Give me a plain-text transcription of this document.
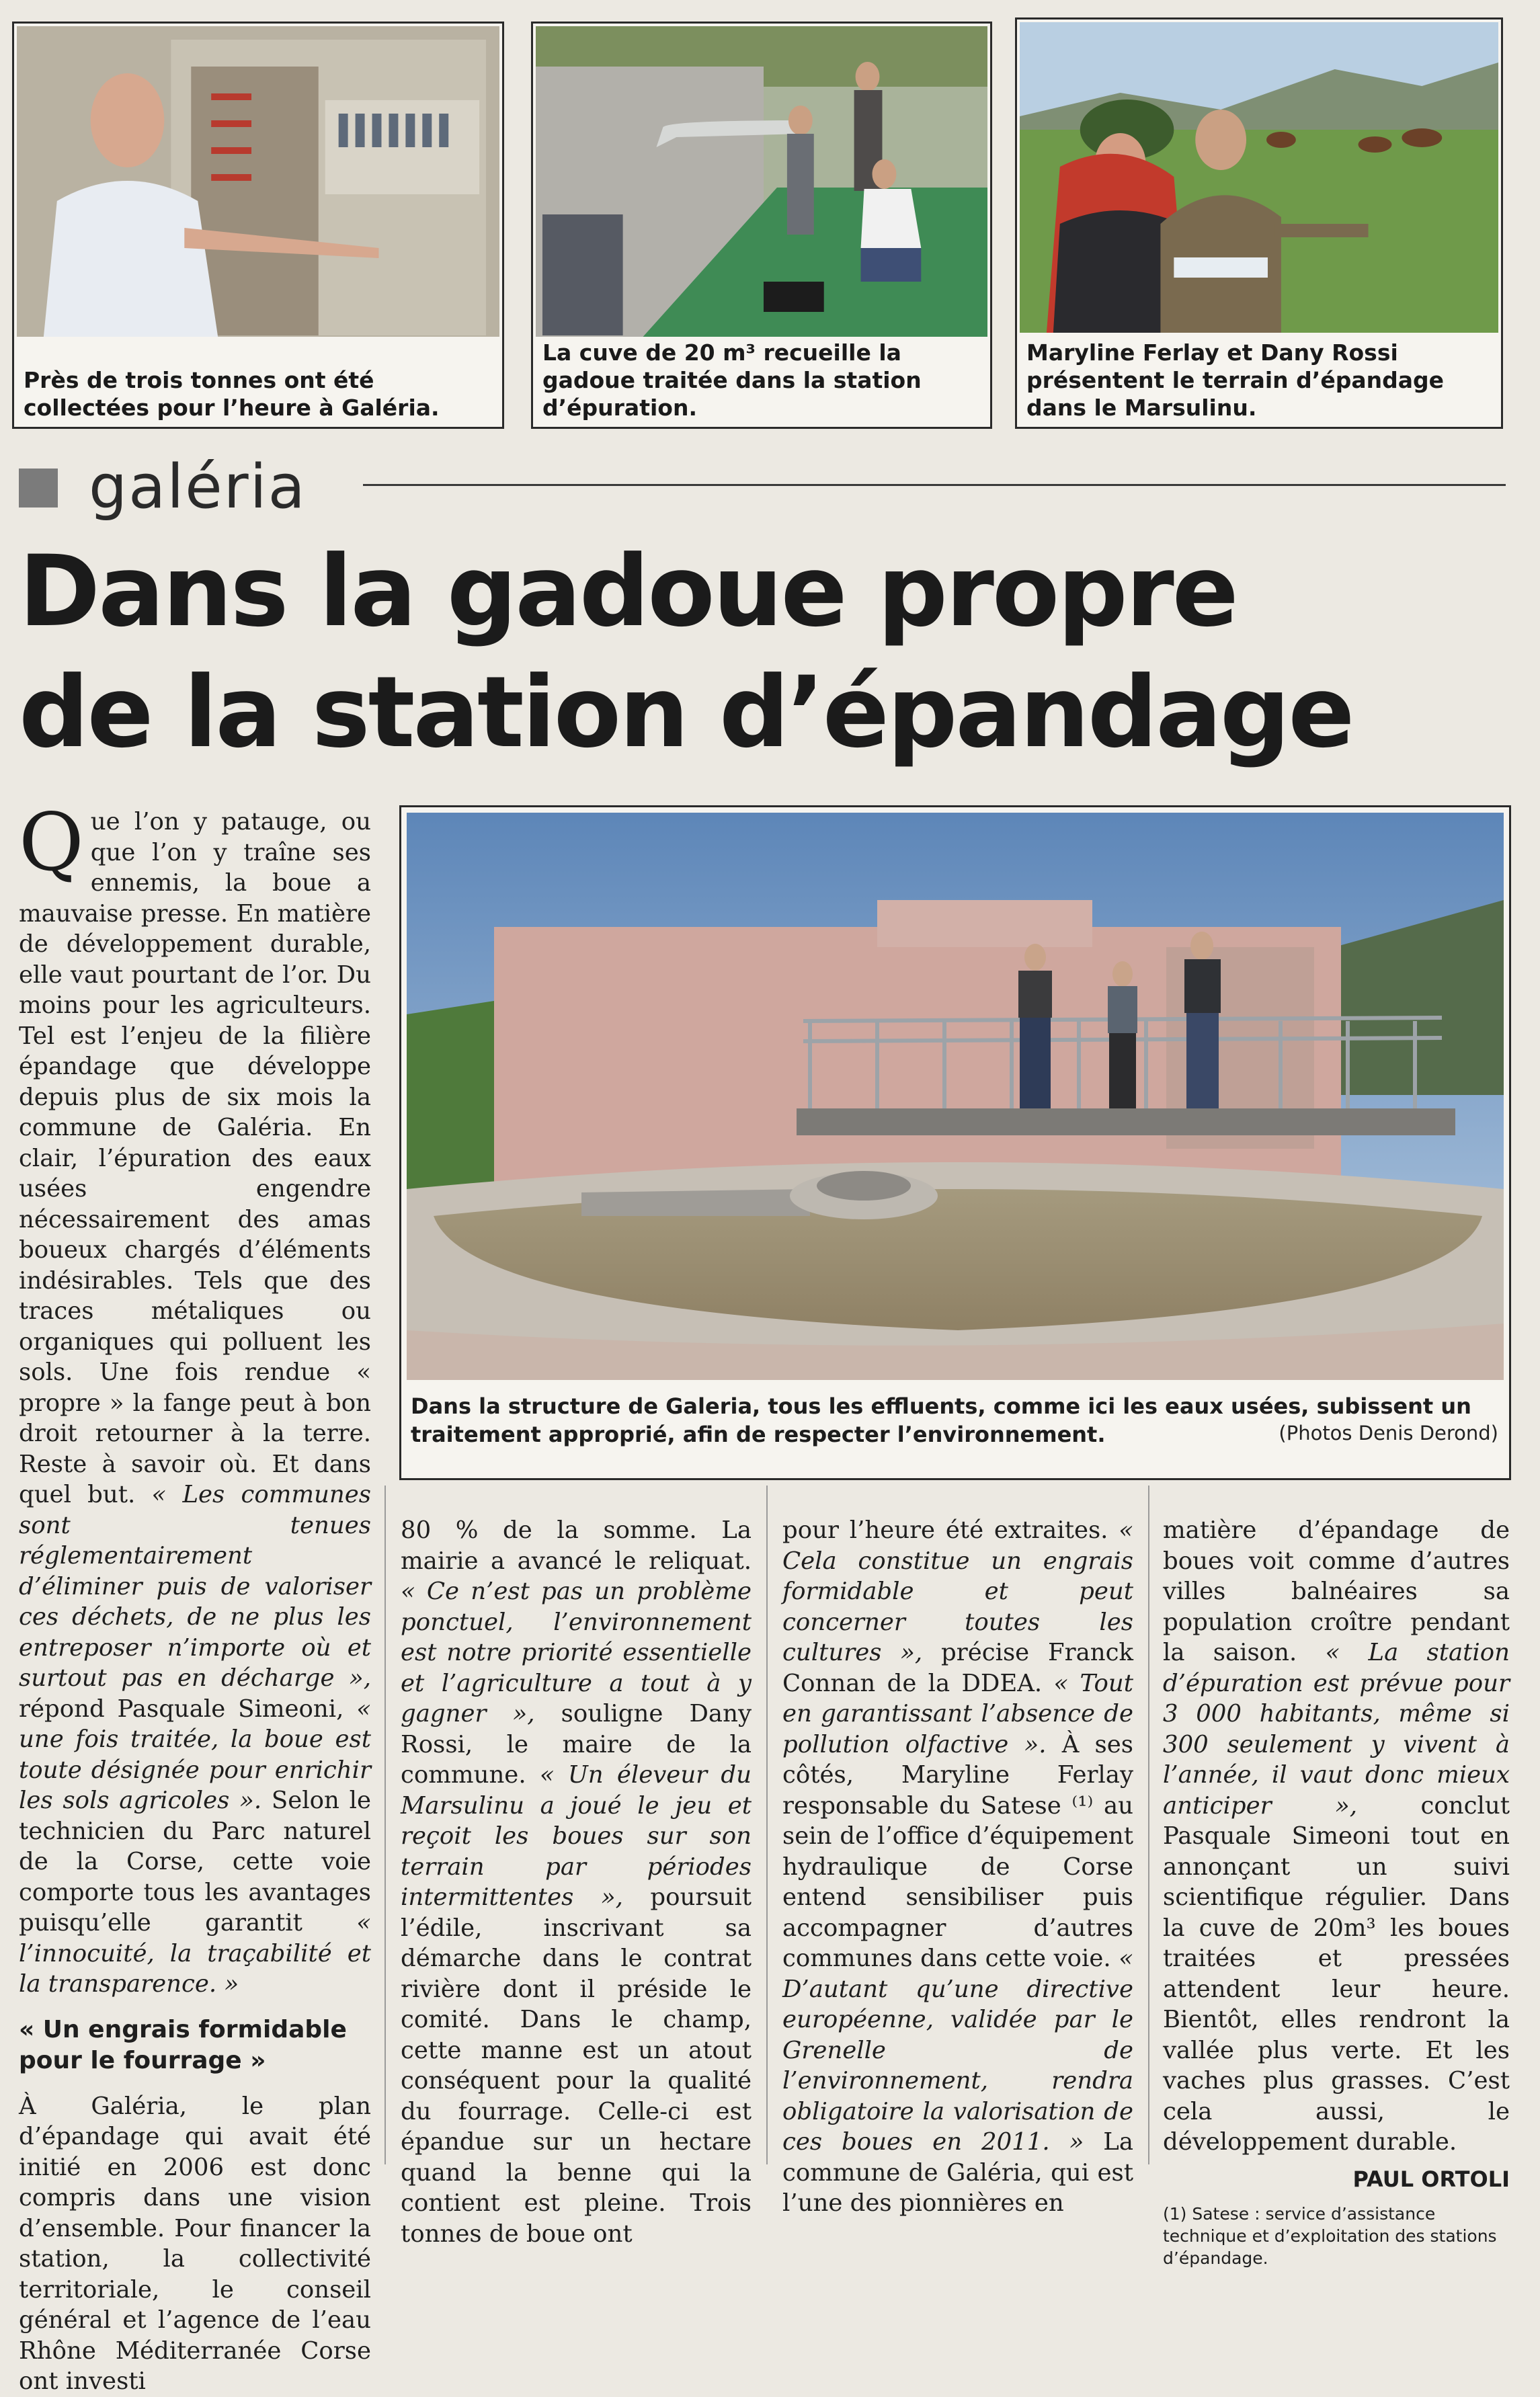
Près de trois tonnes ont été collectées pour l’heure à Galéria.
La cuve de 20 m³ recueille la gadoue traitée dans la station d’épuration.
Maryline Ferlay et Dany Rossi présentent le terrain d’épandage dans le Marsulinu.
galéria
Dans la gadoue propre
de la station d’épandage
Dans la structure de Galeria, tous les effluents, comme ici les eaux usées, subissent un traitement approprié, afin de respecter l’environnement.	(Photos Denis Derond)

Que l’on y pataugе, ou que l’on y traîne ses ennemis, la boue a mauvaise presse. En matière de développement durable, elle vaut pourtant de l’or. Du moins pour les agriculteurs. Tel est l’enjeu de la filière épandage que développe depuis plus de six mois la commune de Galéria. En clair, l’épuration des eaux usées engendre nécessairement des amas boueux chargés d’éléments indésirables. Tels que des traces métaliques ou organiques qui polluent les sols. Une fois rendue « propre » la fange peut à bon droit retourner à la terre. Reste à savoir où. Et dans quel but. « Les communes sont tenues réglementairement d’éliminer puis de valoriser ces déchets, de ne plus les entreposer n’importe où et surtout pas en décharge », répond Pasquale Simeoni, « une fois traitée, la boue est toute désignée pour enrichir les sols agricoles ». Selon le technicien du Parc naturel de la Corse, cette voie comporte tous les avantages puisqu’elle garantit « l’innocuité, la traçabilité et la transparence. »

« Un engrais formidable pour le fourrage »

À Galéria, le plan d’épandage qui avait été initié en 2006 est donc compris dans une vision d’ensemble. Pour financer la station, la collectivité territoriale, le conseil général et l’agence de l’eau Rhône Méditerranée Corse ont investi

80 % de la somme. La mairie a avancé le reliquat. « Ce n’est pas un problème ponctuel, l’environnement est notre priorité essentielle et l’agriculture a tout à y gagner », souligne Dany Rossi, le maire de la commune. « Un éleveur du Marsulinu a joué le jeu et reçoit les boues sur son terrain par périodes intermittentes », poursuit l’édile, inscrivant sa démarche dans le contrat rivière dont il préside le comité. Dans le champ, cette manne est un atout conséquent pour la qualité du fourrage. Celle-ci est épandue sur un hectare quand la benne qui la contient est pleine. Trois tonnes de boue ont

pour l’heure été extraites. « Cela constitue un engrais formidable et peut concerner toutes les cultures », précise Franck Connan de la DDEA. « Tout en garantissant l’absence de pollution olfactive ». À ses côtés, Maryline Ferlay responsable du Satese ⁽¹⁾ au sein de l’office d’équipement hydraulique de Corse entend sensibiliser puis accompagner d’autres communes dans cette voie. « D’autant qu’une directive européenne, validée par le Grenelle de l’environnement, rendra obligatoire la valorisation de ces boues en 2011. » La commune de Galéria, qui est l’une des pionnières en

matière d’épandage de boues voit comme d’autres villes balnéaires sa population croître pendant la saison. « La station d’épuration est prévue pour 3 000 habitants, même si 300 seulement y vivent à l’année, il vaut donc mieux anticiper »,	conclut Pasquale Simeoni tout en annonçant un suivi scientifique régulier. Dans la cuve de 20m³ les boues traitées et pressées attendent leur heure. Bientôt, elles rendront la vallée plus verte. Et les vaches plus grasses. C’est cela aussi, le développement durable.

PAUL ORTOLI
(1) Satese : service d’assistance technique et d’exploitation des stations d’épandage.
